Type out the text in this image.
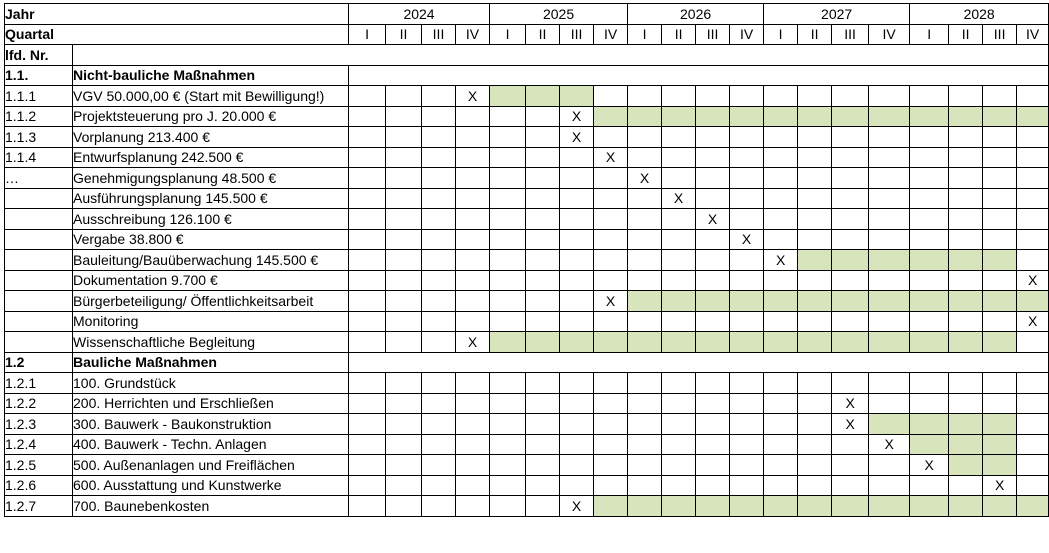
Jahr		2024				2025				2026				2027				2028			
Quartal		I	II	III	IV	I	II	III	IV	I	II	III	IV	I	II	III	IV	I	II	III	IV
lfd. Nr.																					
1.1.	Nicht-bauliche Maßnahmen																				
1.1.1	VGV 50.000,00 € (Start mit Bewilligung!)				X																
1.1.2	Projektsteuerung pro J. 20.000 €							X													
1.1.3	Vorplanung 213.400 €							X													
1.1.4	Entwurfsplanung 242.500 €								X												
…	Genehmigungsplanung 48.500 €									X											
	Ausführungsplanung 145.500 €										X										
	Ausschreibung 126.100 €											X									
	Vergabe 38.800 €												X								
	Bauleitung/Bauüberwachung 145.500 €													X							
	Dokumentation 9.700 €																				X
	Bürgerbeteiligung/ Öffentlichkeitsarbeit								X												
	Monitoring																				X
	Wissenschaftliche Begleitung				X																
1.2	Bauliche Maßnahmen																				
1.2.1	100. Grundstück																				
1.2.2	200. Herrichten und Erschließen															X					
1.2.3	300. Bauwerk - Baukonstruktion															X					
1.2.4	400. Bauwerk - Techn. Anlagen																X				
1.2.5	500. Außenanlagen und Freiflächen																	X			
1.2.6	600. Ausstattung und Kunstwerke																			X	
1.2.7	700. Baunebenkosten							X													
